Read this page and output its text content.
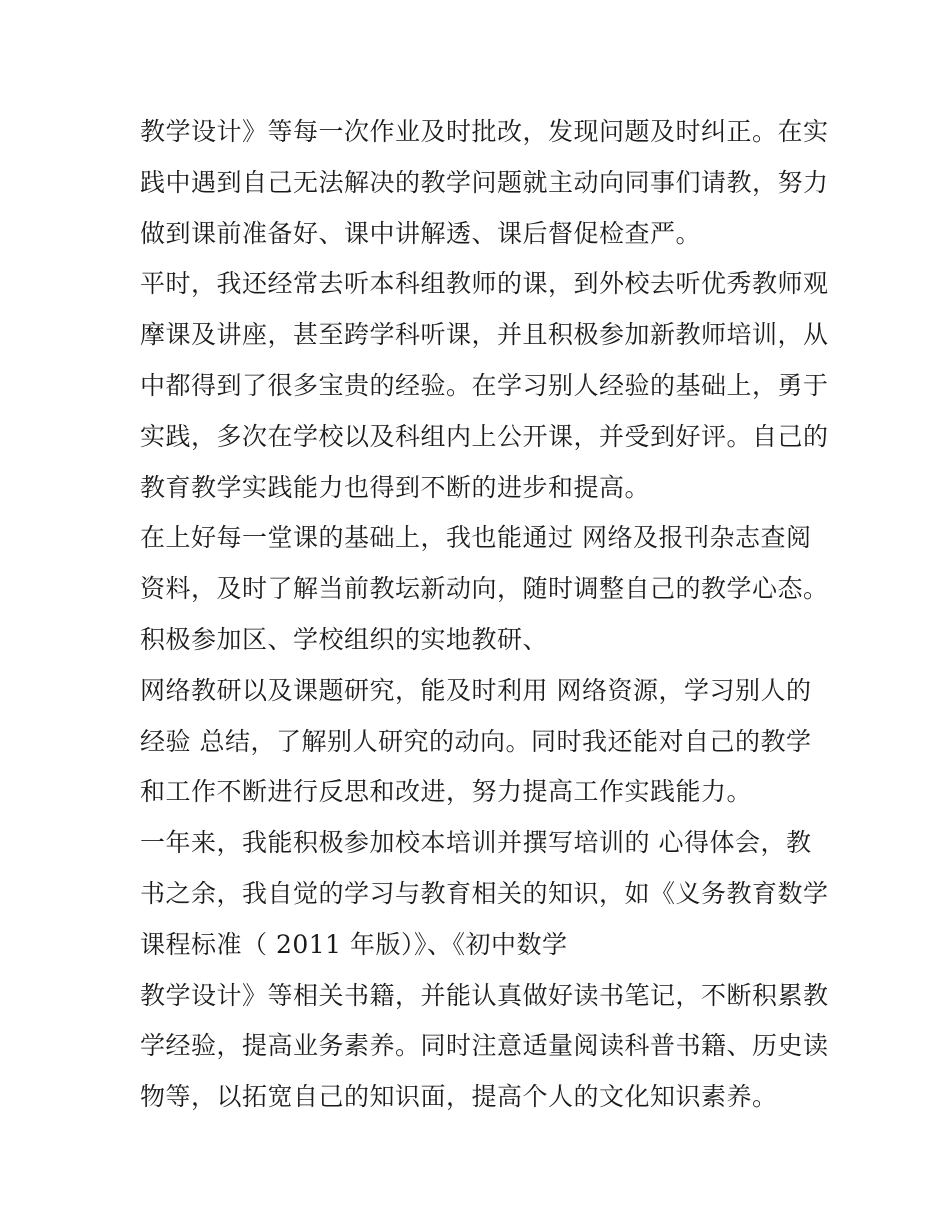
教学设计》等每一次作业及时批改，发现问题及时纠正。在实
践中遇到自己无法解决的教学问题就主动向同事们请教，努力
做到课前准备好、课中讲解透、课后督促检查严。
平时，我还经常去听本科组教师的课，到外校去听优秀教师观
摩课及讲座，甚至跨学科听课，并且积极参加新教师培训，从
中都得到了很多宝贵的经验。在学习别人经验的基础上，勇于
实践，多次在学校以及科组内上公开课，并受到好评。自己的
教育教学实践能力也得到不断的进步和提高。
在上好每一堂课的基础上，我也能通过 网络及报刊杂志查阅
资料，及时了解当前教坛新动向，随时调整自己的教学心态。
积极参加区、学校组织的实地教研、
网络教研以及课题研究，能及时利用 网络资源，学习别人的
经验 总结，了解别人研究的动向。同时我还能对自己的教学
和工作不断进行反思和改进，努力提高工作实践能力。
一年来，我能积极参加校本培训并撰写培训的 心得体会，教
书之余，我自觉的学习与教育相关的知识，如《义务教育数学
课程标准（ 2011 年版）》、《初中数学
教学设计》等相关书籍，并能认真做好读书笔记，不断积累教
学经验，提高业务素养。同时注意适量阅读科普书籍、历史读
物等，以拓宽自己的知识面，提高个人的文化知识素养。
